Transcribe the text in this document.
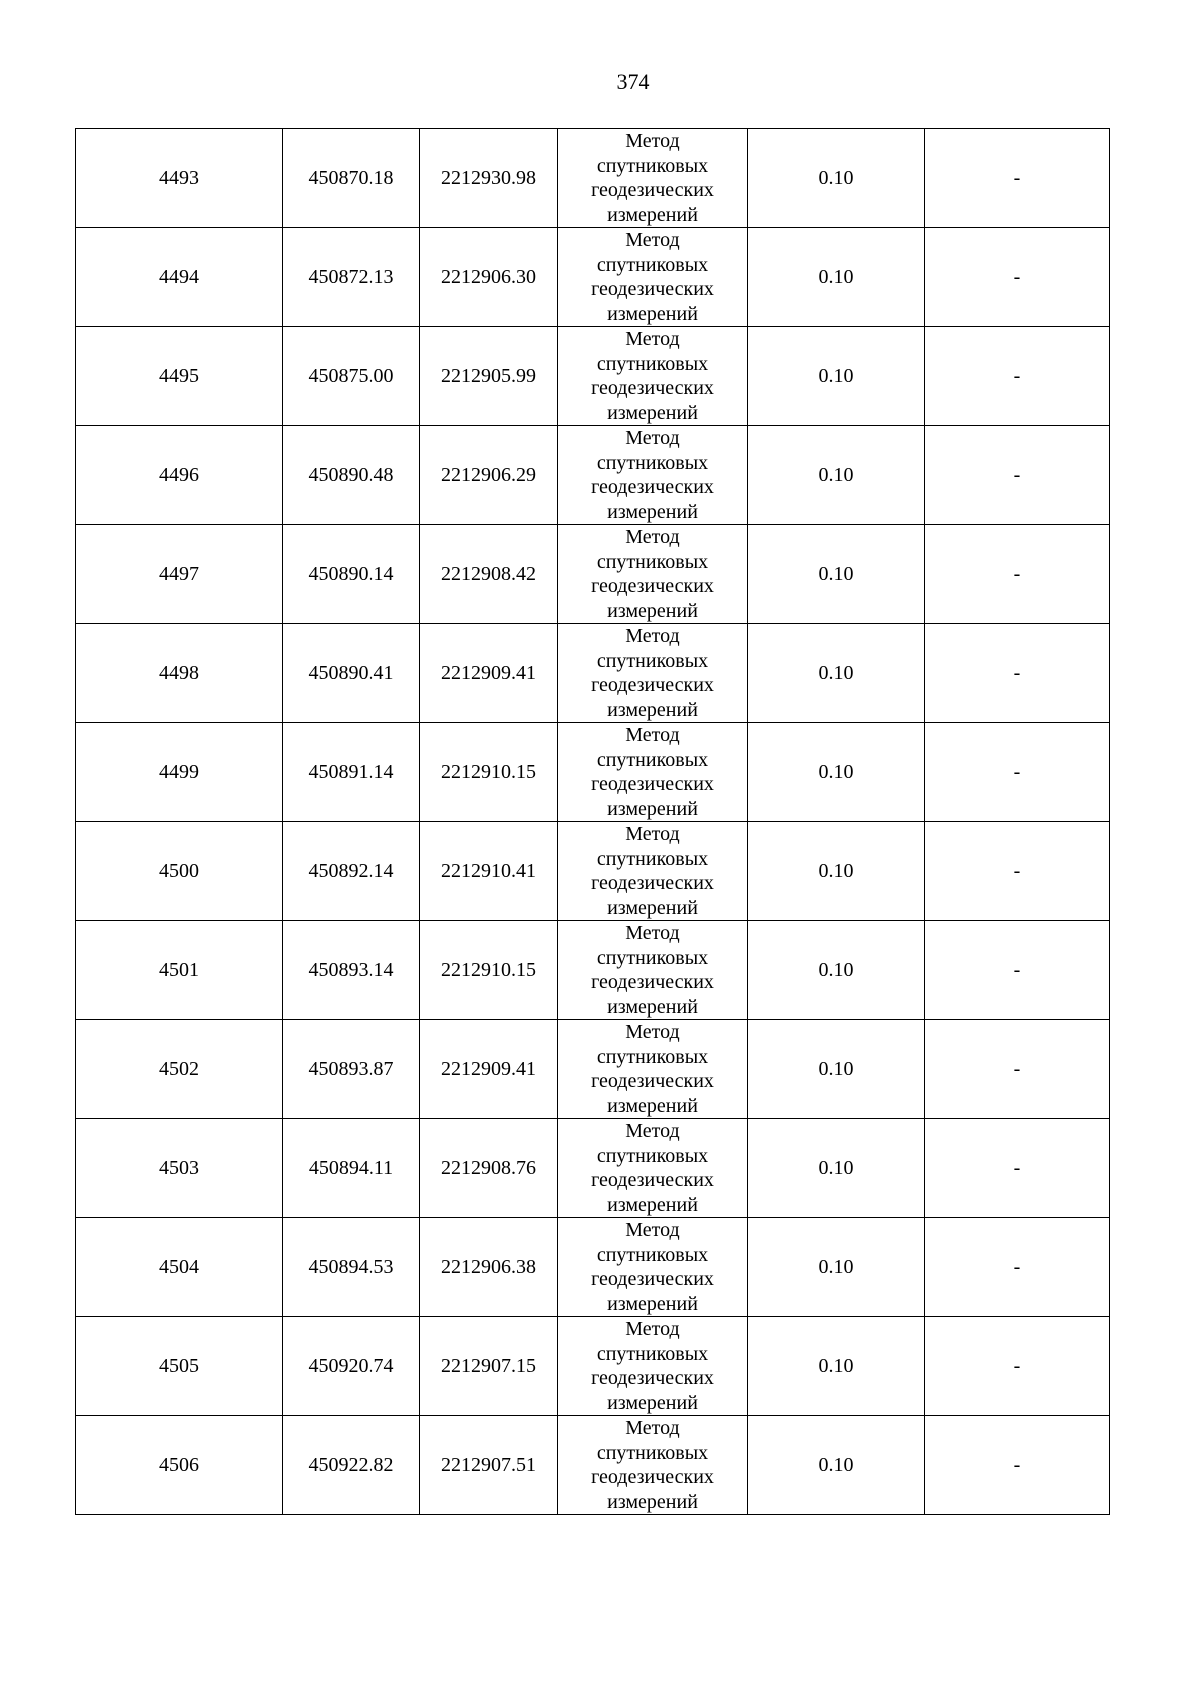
374
4493	450870.18	2212930.98	Метод
спутниковых
геодезических
измерений	0.10	-
4494	450872.13	2212906.30	Метод
спутниковых
геодезических
измерений	0.10	-
4495	450875.00	2212905.99	Метод
спутниковых
геодезических
измерений	0.10	-
4496	450890.48	2212906.29	Метод
спутниковых
геодезических
измерений	0.10	-
4497	450890.14	2212908.42	Метод
спутниковых
геодезических
измерений	0.10	-
4498	450890.41	2212909.41	Метод
спутниковых
геодезических
измерений	0.10	-
4499	450891.14	2212910.15	Метод
спутниковых
геодезических
измерений	0.10	-
4500	450892.14	2212910.41	Метод
спутниковых
геодезических
измерений	0.10	-
4501	450893.14	2212910.15	Метод
спутниковых
геодезических
измерений	0.10	-
4502	450893.87	2212909.41	Метод
спутниковых
геодезических
измерений	0.10	-
4503	450894.11	2212908.76	Метод
спутниковых
геодезических
измерений	0.10	-
4504	450894.53	2212906.38	Метод
спутниковых
геодезических
измерений	0.10	-
4505	450920.74	2212907.15	Метод
спутниковых
геодезических
измерений	0.10	-
4506	450922.82	2212907.51	Метод
спутниковых
геодезических
измерений	0.10	-
